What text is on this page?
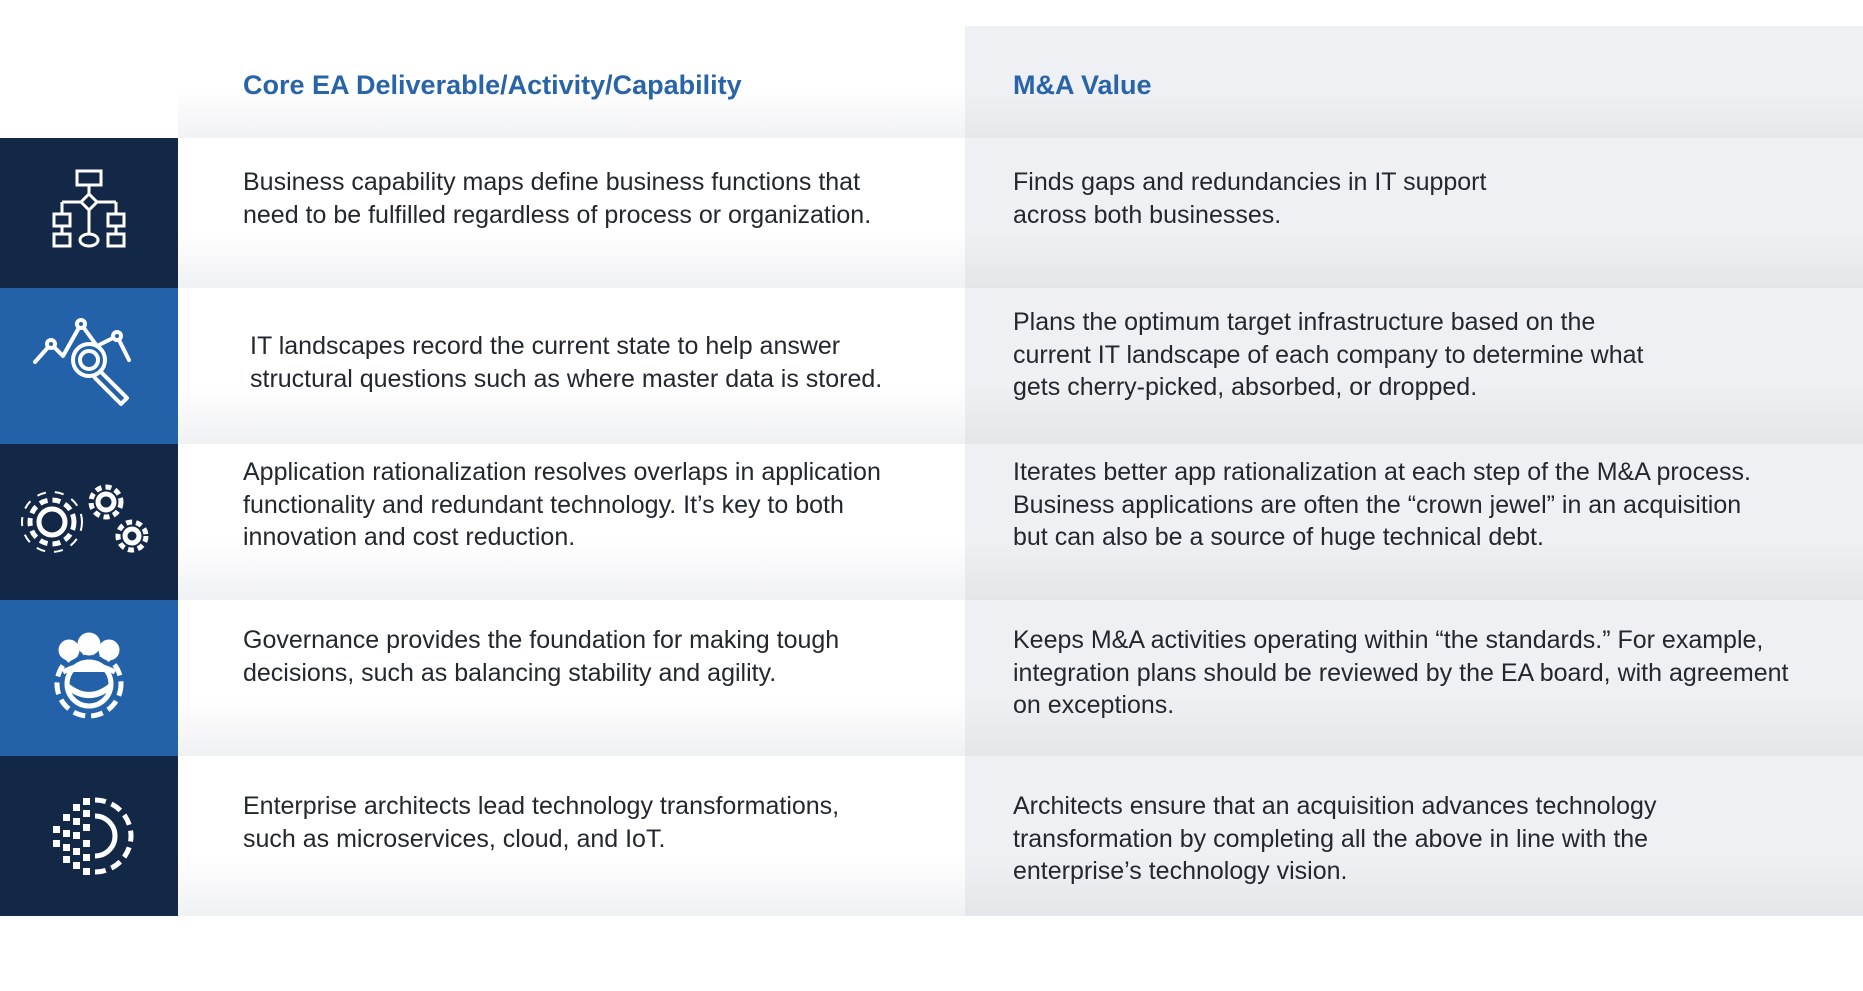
Core EA Deliverable/Activity/Capability	M&A Value

Business capability maps define business functions that
need to be fulfilled regardless of process or organization.

Finds gaps and redundancies in IT support
across both businesses.

IT landscapes record the current state to help answer
structural questions such as where master data is stored.

Plans the optimum target infrastructure based on the
current IT landscape of each company to determine what
gets cherry-picked, absorbed, or dropped.

Application rationalization resolves overlaps in application
functionality and redundant technology. It’s key to both
innovation and cost reduction.

Iterates better app rationalization at each step of the M&A process.
Business applications are often the “crown jewel” in an acquisition
but can also be a source of huge technical debt.

Governance provides the foundation for making tough
decisions, such as balancing stability and agility.

Keeps M&A activities operating within “the standards.” For example,
integration plans should be reviewed by the EA board, with agreement
on exceptions.

Enterprise architects lead technology transformations,
such as microservices, cloud, and IoT.

Architects ensure that an acquisition advances technology
transformation by completing all the above in line with the
enterprise’s technology vision.
